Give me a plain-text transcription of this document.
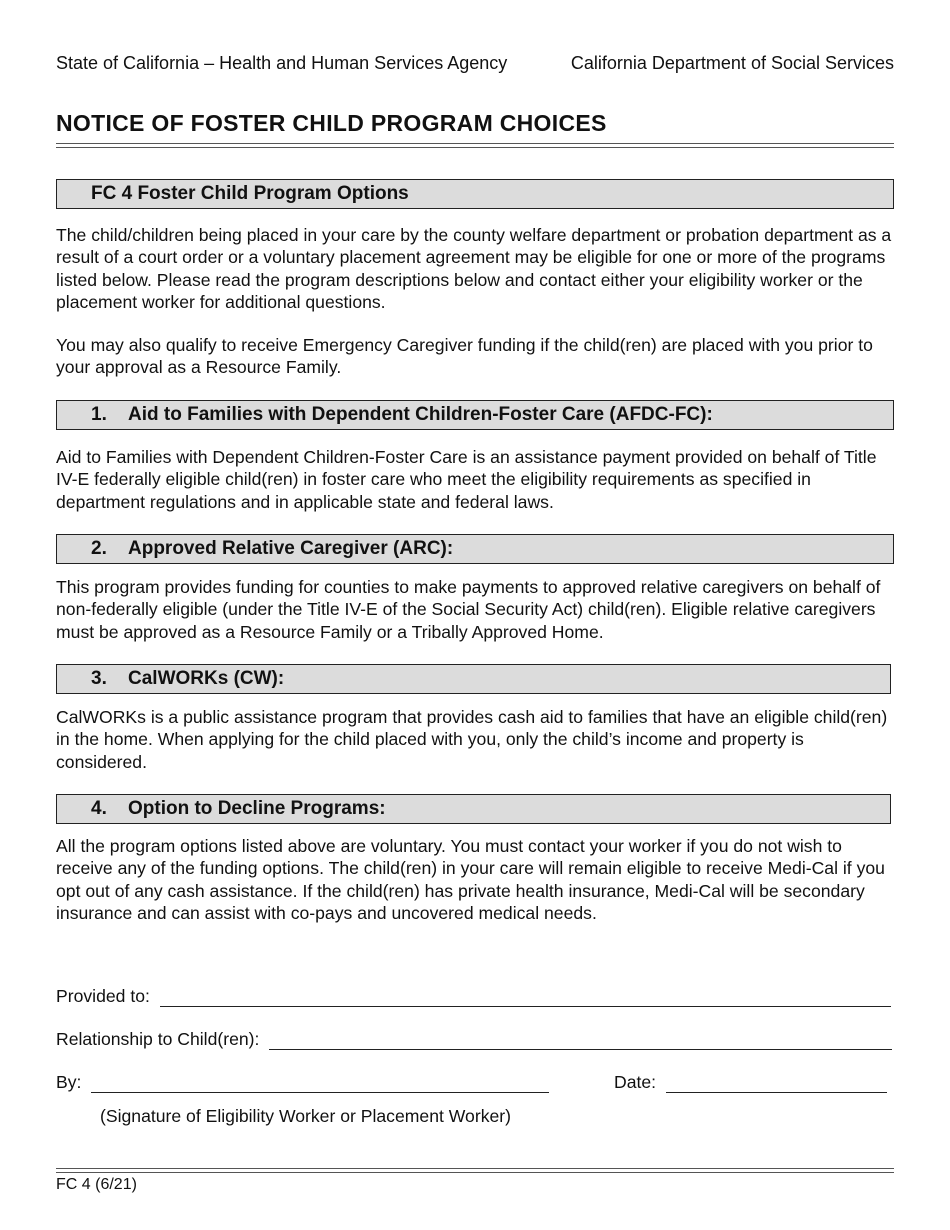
State of California – Health and Human Services Agency	California Department of Social Services
NOTICE OF FOSTER CHILD PROGRAM CHOICES
FC 4 Foster Child Program Options

The child/children being placed in your care by the county welfare department or probation department as a result of a court order or a voluntary placement agreement may be eligible for one or more of the programs listed below. Please read the program descriptions below and contact either your eligibility worker or the placement worker for additional questions.

You may also qualify to receive Emergency Caregiver funding if the child(ren) are placed with you prior to your approval as a Resource Family.

1. Aid to Families with Dependent Children-Foster Care (AFDC-FC):

Aid to Families with Dependent Children-Foster Care is an assistance payment provided on behalf of Title IV-E federally eligible child(ren) in foster care who meet the eligibility requirements as specified in department regulations and in applicable state and federal laws.

2. Approved Relative Caregiver (ARC):

This program provides funding for counties to make payments to approved relative caregivers on behalf of non-federally eligible (under the Title IV-E of the Social Security Act) child(ren). Eligible relative caregivers must be approved as a Resource Family or a Tribally Approved Home.

3. CalWORKs (CW):

CalWORKs is a public assistance program that provides cash aid to families that have an eligible child(ren) in the home. When applying for the child placed with you, only the child’s income and property is considered.

4. Option to Decline Programs:

All the program options listed above are voluntary. You must contact your worker if you do not wish to receive any of the funding options. The child(ren) in your care will remain eligible to receive Medi-Cal if you opt out of any cash assistance. If the child(ren) has private health insurance, Medi-Cal will be secondary insurance and can assist with co-pays and uncovered medical needs.

Provided to:
Relationship to Child(ren):
By:	Date:
(Signature of Eligibility Worker or Placement Worker)
FC 4 (6/21)
